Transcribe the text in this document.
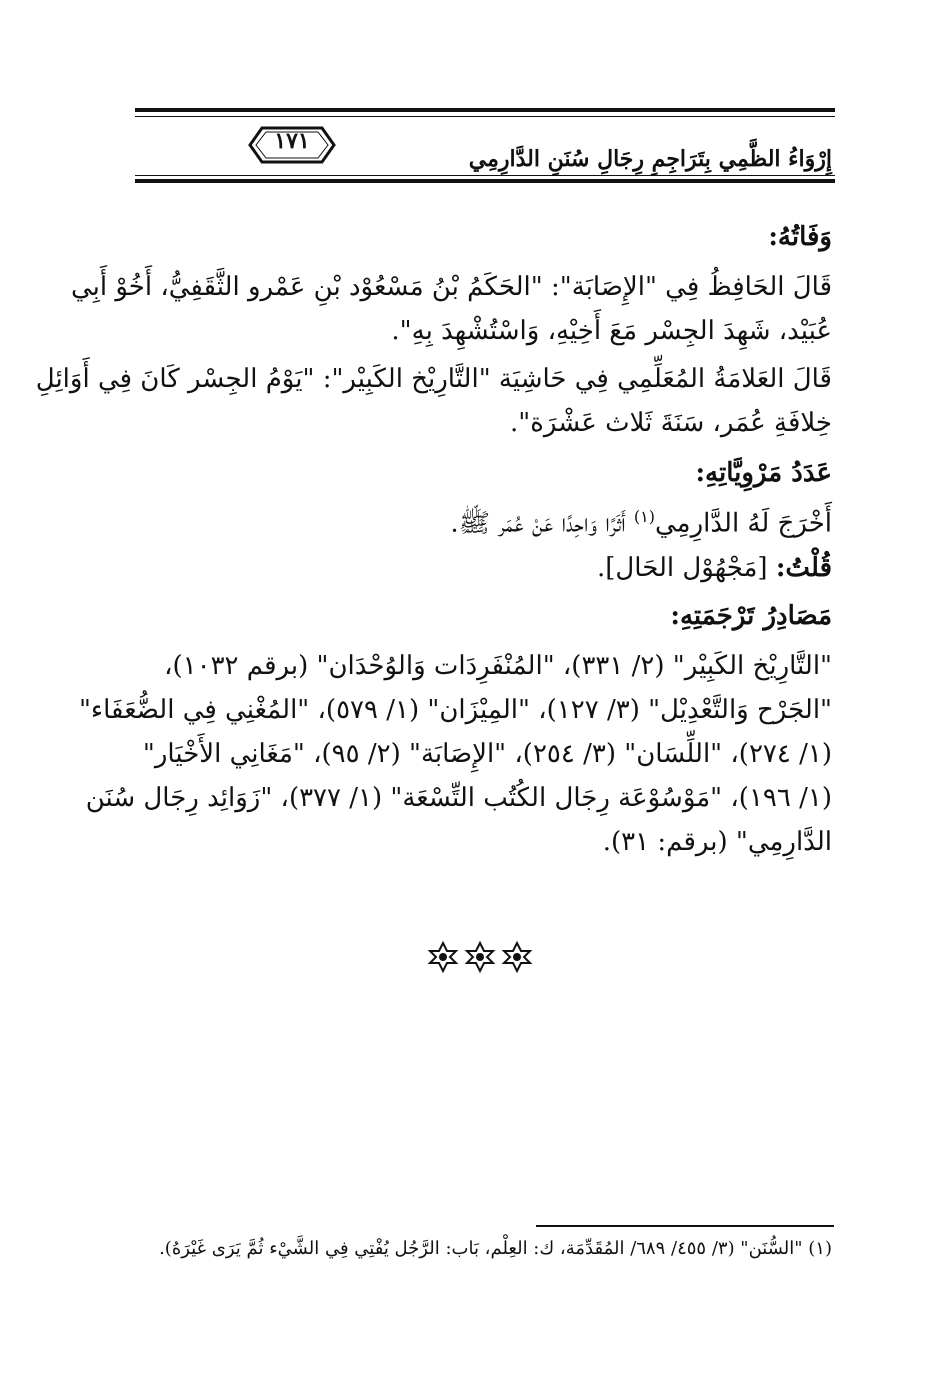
١٧١
إِرْوَاءُ الظَّمِي بِتَرَاجِمِ رِجَالِ سُنَنِ الدَّارِمِي
وَفَاتُهُ:
قَالَ الحَافِظُ فِي "الإِصَابَة": "الحَكَمُ بْنُ مَسْعُوْد بْنِ عَمْرو الثَّقَفِيُّ، أَخُوْ أَبِي
عُبَيْد، شَهِدَ الجِسْر مَعَ أَخِيْهِ، وَاسْتُشْهِدَ بِهِ".
قَالَ العَلامَةُ المُعَلِّمِي فِي حَاشِيَة "التَّارِيْخ الكَبِيْر": "يَوْمُ الجِسْر كَانَ فِي أَوَائِلِ
خِلافَةِ عُمَر، سَنَةَ ثَلاث عَشْرَة".
عَدَدُ مَرْوِيَّاتِهِ:
أَخْرَجَ لَهُ الدَّارِمِي$^{(١)}$ أَثَرًا وَاحِدًا عَنْ عُمَر ﷺ.
قُلْتُ: [مَجْهُوْل الحَال].
مَصَادِرُ تَرْجَمَتِهِ:
"التَّارِيْخ الكَبِيْر" (٢/ ٣٣١)، "المُنْفَرِدَات وَالوُحْدَان" (برقم ١٠٣٢)،
"الجَرْح وَالتَّعْدِيْل" (٣/ ١٢٧)، "المِيْزَان" (١/ ٥٧٩)، "المُغْنِي فِي الضُّعَفَاء"
(١/ ٢٧٤)، "اللِّسَان" (٣/ ٢٥٤)، "الإِصَابَة" (٢/ ٩٥)، "مَغَانِي الأَخْيَار"
(١/ ١٩٦)، "مَوْسُوْعَة رِجَال الكُتُب التِّسْعَة" (١/ ٣٧٧)، "زَوَائِد رِجَال سُنَن
الدَّارِمِي" (برقم: ٣١).
(١) "السُّنَن" (٣/ ٤٥٥/ ٦٨٩/ المُقَدِّمَة، ك: العِلْم، بَاب: الرَّجُل يُفْتِي فِي الشَّيْء ثُمَّ يَرَى غَيْرَهُ).
